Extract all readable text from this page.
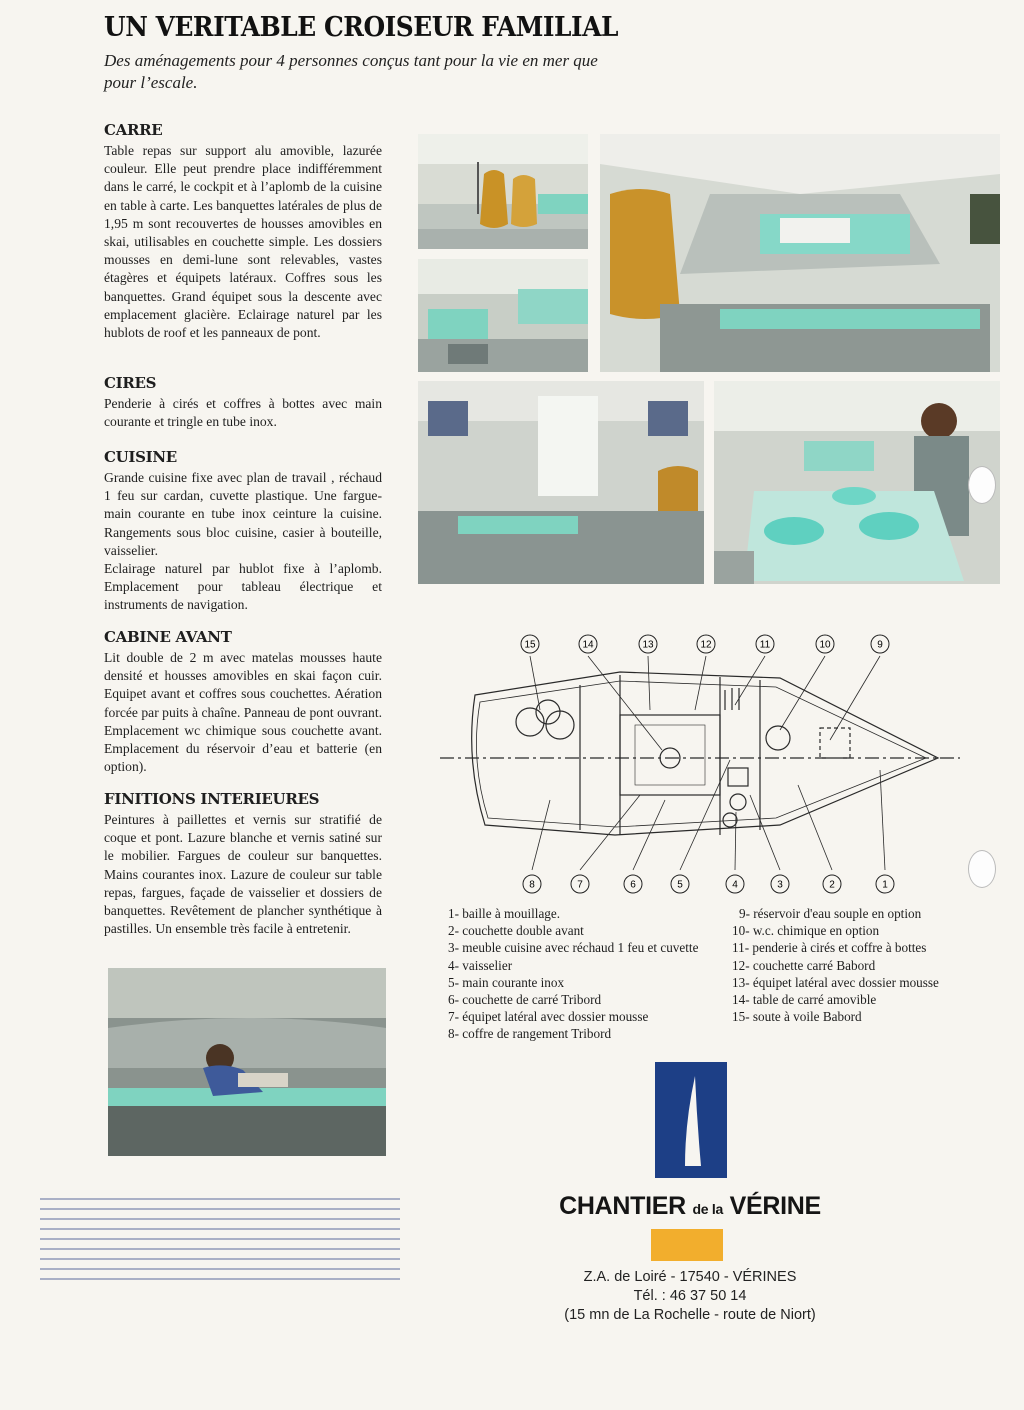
UN VERITABLE CROISEUR FAMILIAL

Des aménagements pour 4 personnes conçus tant pour la vie en mer que pour l’escale.

CARRE

Table repas sur support alu amovible, lazurée couleur. Elle peut prendre place indifféremment dans le carré, le cockpit et à l’aplomb de la cuisine en table à carte. Les banquettes latérales de plus de 1,95 m sont recouvertes de housses amovibles en skai, utilisables en couchette simple. Les dossiers mousses en demi-lune sont relevables, vastes étagères et équipets latéraux. Coffres sous les banquettes. Grand équipet sous la descente avec emplacement glacière. Eclairage naturel par les hublots de roof et les panneaux de pont.

CIRES

Penderie à cirés et coffres à bottes avec main courante et tringle en tube inox.

CUISINE

Grande cuisine fixe avec plan de travail , réchaud 1 feu sur cardan, cuvette plastique. Une fargue-main courante en tube inox ceinture la cuisine. Rangements sous bloc cuisine, casier à bouteille, vaisselier.
Eclairage naturel par hublot fixe à l’aplomb. Emplacement pour tableau électrique et instruments de navigation.

CABINE AVANT

Lit double de 2 m avec matelas mousses haute densité et housses amovibles en skai façon cuir. Equipet avant et coffres sous couchettes. Aération forcée par puits à chaîne. Panneau de pont ouvrant. Emplacement wc chimique sous couchette avant. Emplacement du réservoir d’eau et batterie (en option).

FINITIONS INTERIEURES

Peintures à paillettes et vernis sur stratifié de coque et pont. Lazure blanche et vernis satiné sur le mobilier. Fargues de couleur sur banquettes. Mains courantes inox. Lazure de couleur sur table repas, fargues, façade de vaisselier et dossiers de banquettes. Revêtement de plancher synthétique à pastilles. Un ensemble très facile à entretenir.

15	14	13	12	11	10	9
8	7	6	5	4	3	2	1
1- baille à mouillage.
2- couchette double avant
3- meuble cuisine avec réchaud 1 feu et cuvette
4- vaisselier
5- main courante inox
6- couchette de carré Tribord
7- équipet latéral avec dossier mousse
8- coffre de rangement Tribord
9- réservoir d'eau souple en option
10- w.c. chimique en option
11- penderie à cirés et coffre à bottes
12- couchette carré Babord
13- équipet latéral avec dossier mousse
14- table de carré amovible
15- soute à voile Babord
CHANTIER de la VÉRINE
Z.A. de Loiré - 17540 - VÉRINES
Tél. : 46 37 50 14
(15 mn de La Rochelle - route de Niort)
